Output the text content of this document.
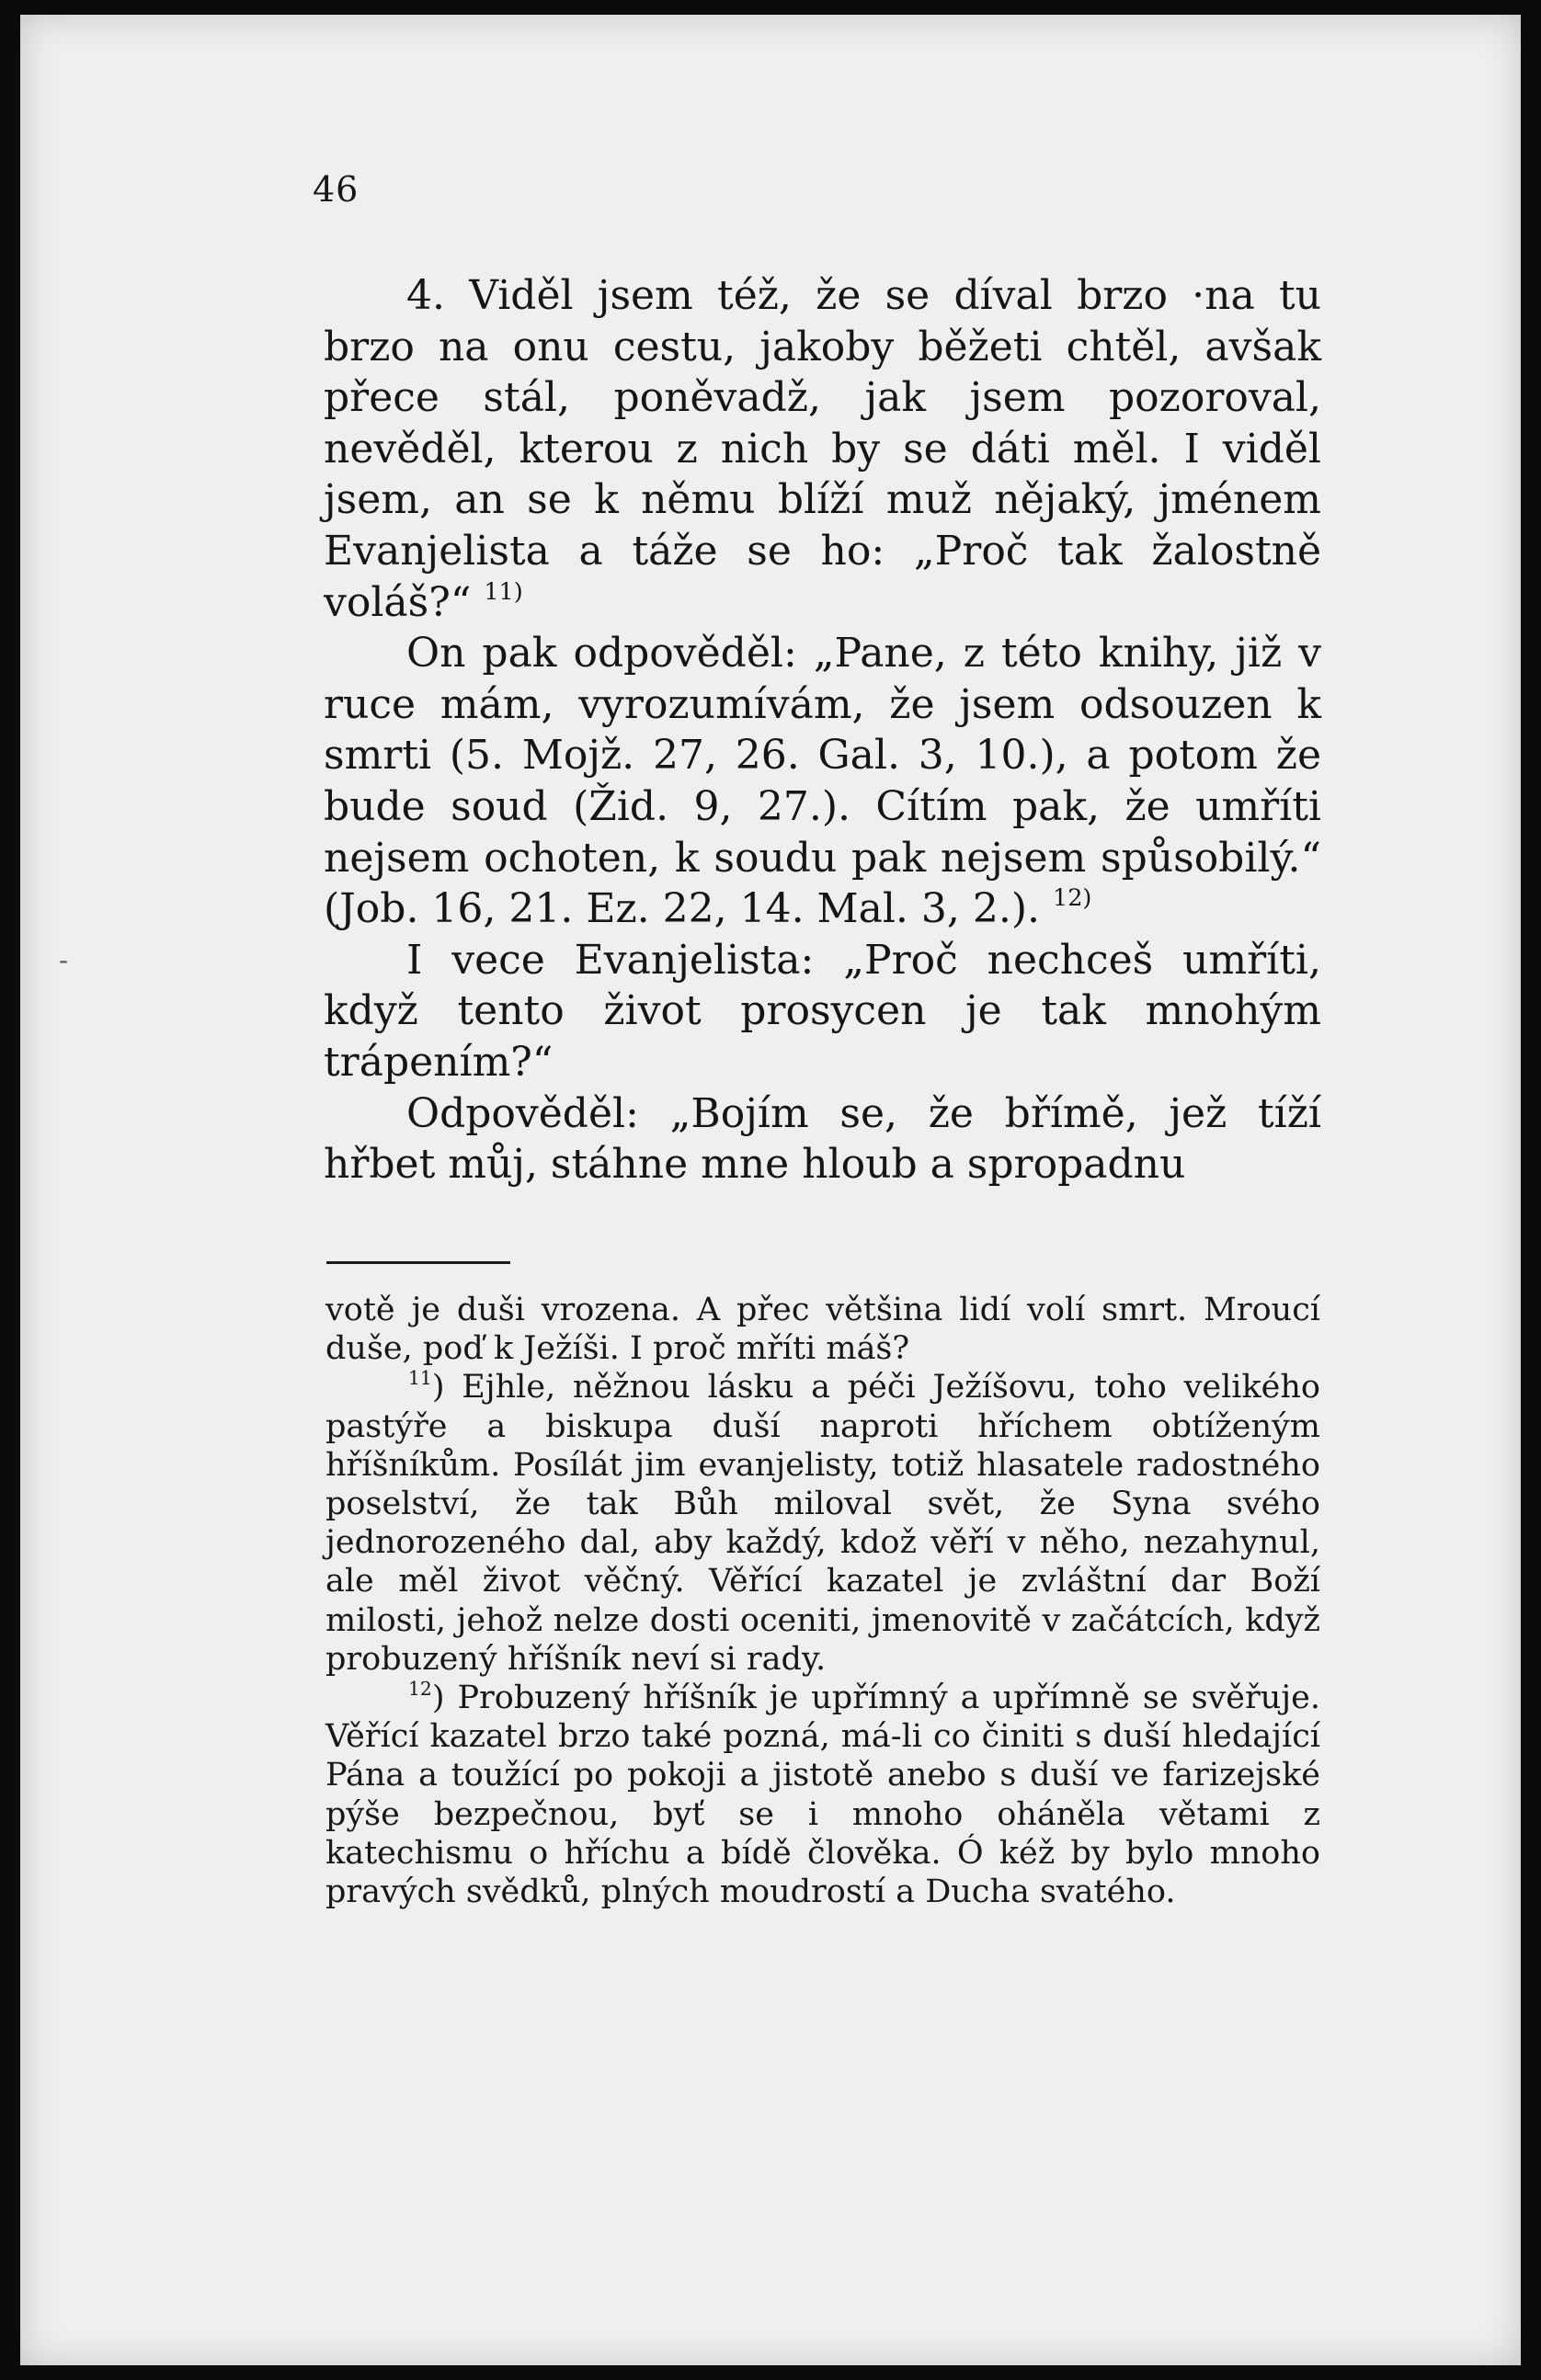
46
-

4. Viděl jsem též, že se díval brzo ·na tu brzo na onu cestu, jakoby běžeti chtěl, avšak přece stál, poněvadž, jak jsem pozoroval, nevěděl, kterou z nich by se dáti měl. I viděl jsem, an se k němu blíží muž nějaký, jménem Evanjelista a táže se ho: „Proč tak žalostně voláš?“ $^{11)}$

On pak odpověděl: „Pane, z této knihy, již v ruce mám, vyrozumívám, že jsem odsouzen k smrti (5. Mojž. 27, 26. Gal. 3, 10.), a potom že bude soud (Žid. 9, 27.). Cítím pak, že umříti nejsem ochoten, k soudu pak nejsem spůsobilý.“ (Job. 16, 21. Ez. 22, 14. Mal. 3, 2.). $^{12)}$

I vece Evanjelista: „Proč nechceš umříti, když tento život prosycen je tak mnohým trápením?“

Odpověděl: „Bojím se, že břímě, jež tíží hřbet můj, stáhne mne hloub a spropadnu

votě je duši vrozena. A přec většina lidí volí smrt. Mroucí duše, poď k Ježíši. I proč mříti máš?

$^{11}$) Ejhle, něžnou lásku a péči Ježíšovu, toho velikého pastýře a biskupa duší naproti hříchem obtíženým hříšníkům. Posílát jim evanjelisty, totiž hlasatele radostného poselství, že tak Bůh miloval svět, že Syna svého jednorozeného dal, aby každý, kdož věří v něho, nezahynul, ale měl život věčný. Věřící kazatel je zvláštní dar Boží milosti, jehož nelze dosti oceniti, jmenovitě v začátcích, když probuzený hříšník neví si rady.

$^{12}$) Probuzený hříšník je upřímný a upřímně se svěřuje. Věřící kazatel brzo také pozná, má-li co činiti s duší hledající Pána a toužící po pokoji a jistotě anebo s duší ve farizejské pýše bezpečnou, byť se i mnoho oháněla větami z katechismu o hříchu a bídě člověka. Ó kéž by bylo mnoho pravých svědků, plných moudrostí a Ducha svatého.
